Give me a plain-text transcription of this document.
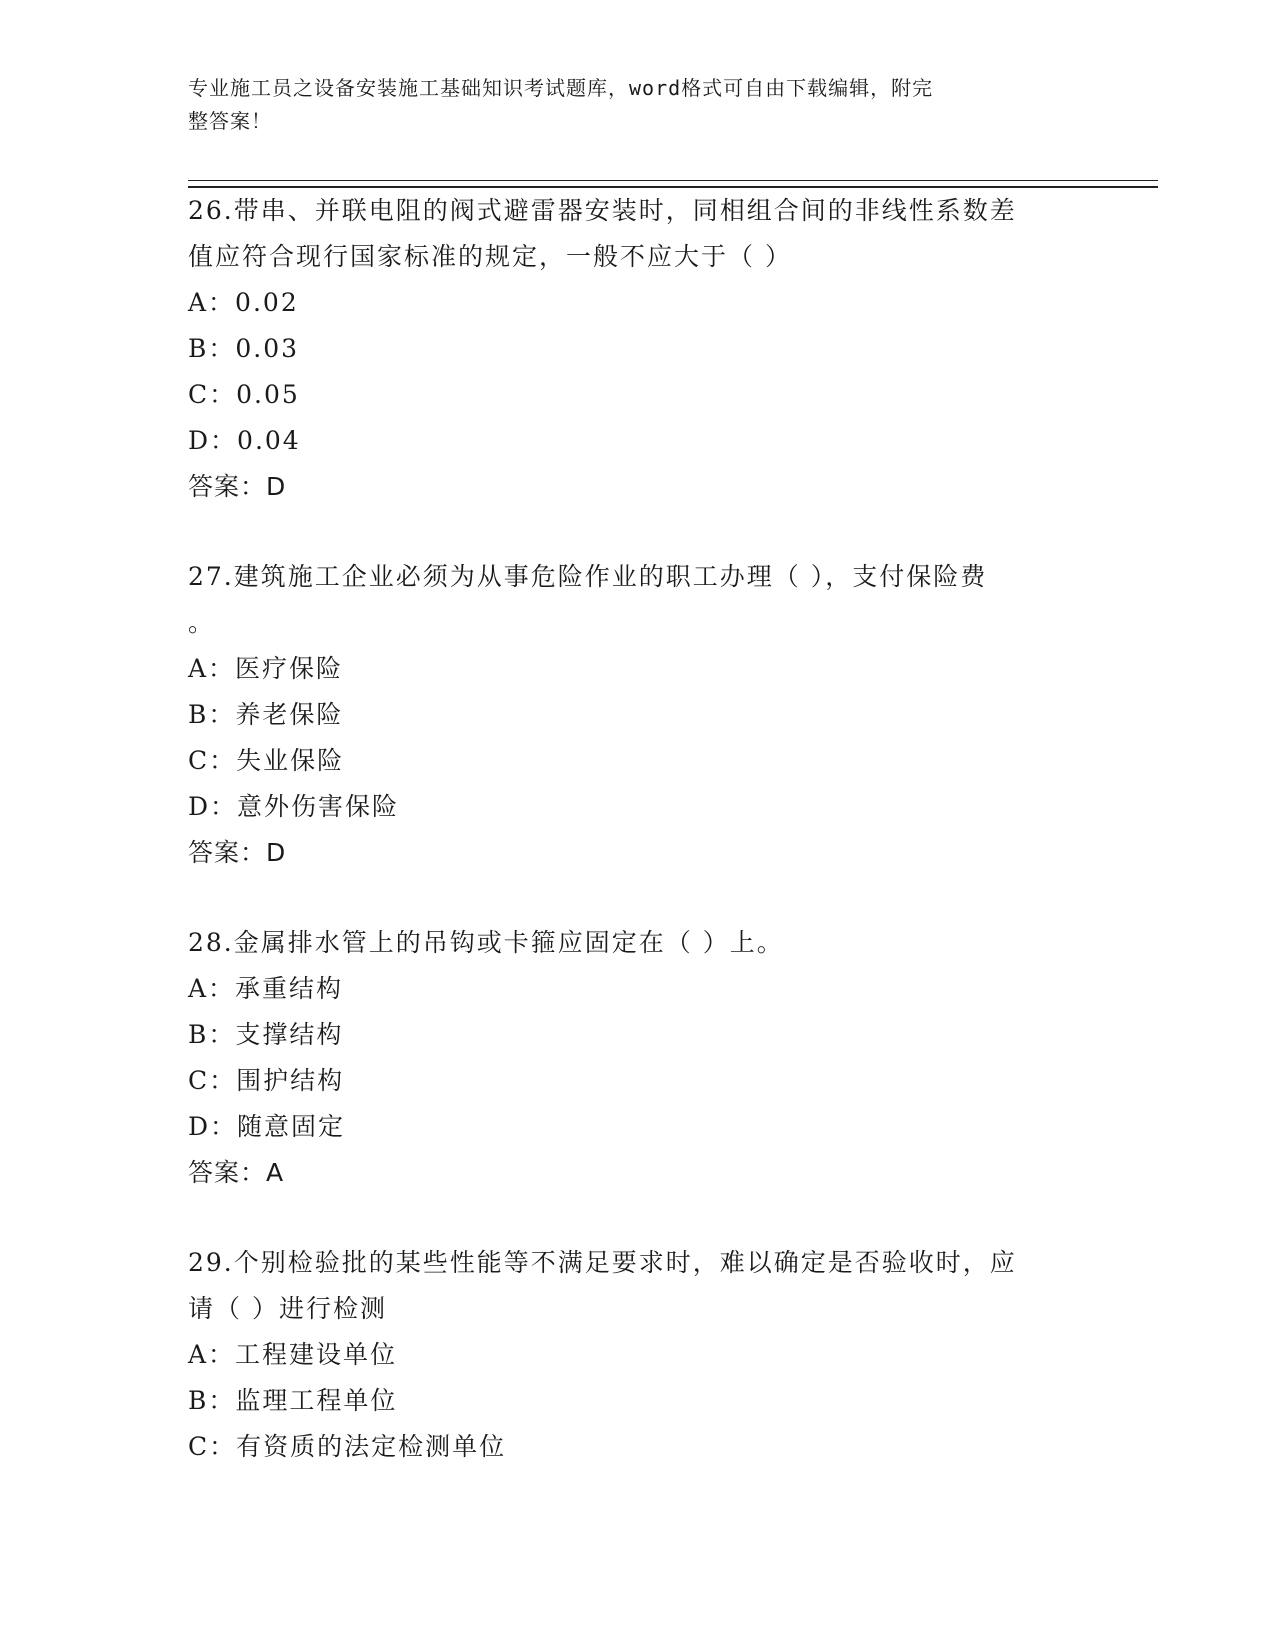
专业施工员之设备安装施工基础知识考试题库，word格式可自由下载编辑，附完
整答案！
26.带串、并联电阻的阀式避雷器安装时，同相组合间的非线性系数差
值应符合现行国家标准的规定，一般不应大于（ ）
A：0.02
B：0.03
C：0.05
D：0.04
答案：D
27.建筑施工企业必须为从事危险作业的职工办理（ ），支付保险费
。
A：医疗保险
B：养老保险
C：失业保险
D：意外伤害保险
答案：D
28.金属排水管上的吊钩或卡箍应固定在（ ）上。
A：承重结构
B：支撑结构
C：围护结构
D：随意固定
答案：A
29.个别检验批的某些性能等不满足要求时，难以确定是否验收时，应
请（ ）进行检测
A：工程建设单位
B：监理工程单位
C：有资质的法定检测单位
